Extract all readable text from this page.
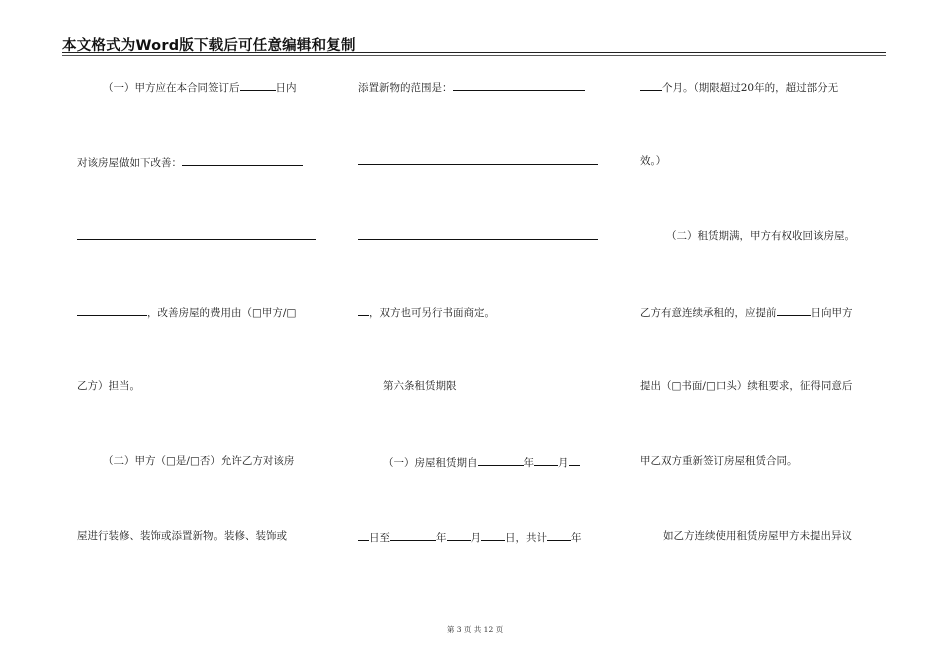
本文格式为Word版下载后可任意编辑和复制
（一）甲方应在本合同签订后	日内
对该房屋做如下改善：
，改善房屋的费用由（□甲方/□
乙方）担当。
（二）甲方（□是/□否）允许乙方对该房
屋进行装修、装饰或添置新物。装修、装饰或
添置新物的范围是：
，双方也可另行书面商定。
第六条租赁期限
（一）房屋租赁期自	年 月
日至	年 月 日，共计 年
个月。（期限超过20年的，超过部分无
效。）
（二）租赁期满，甲方有权收回该房屋。
乙方有意连续承租的，应提前	日向甲方
提出（□书面/□口头）续租要求，征得同意后
甲乙双方重新签订房屋租赁合同。
如乙方连续使用租赁房屋甲方未提出异议
第 3 页 共 12 页
